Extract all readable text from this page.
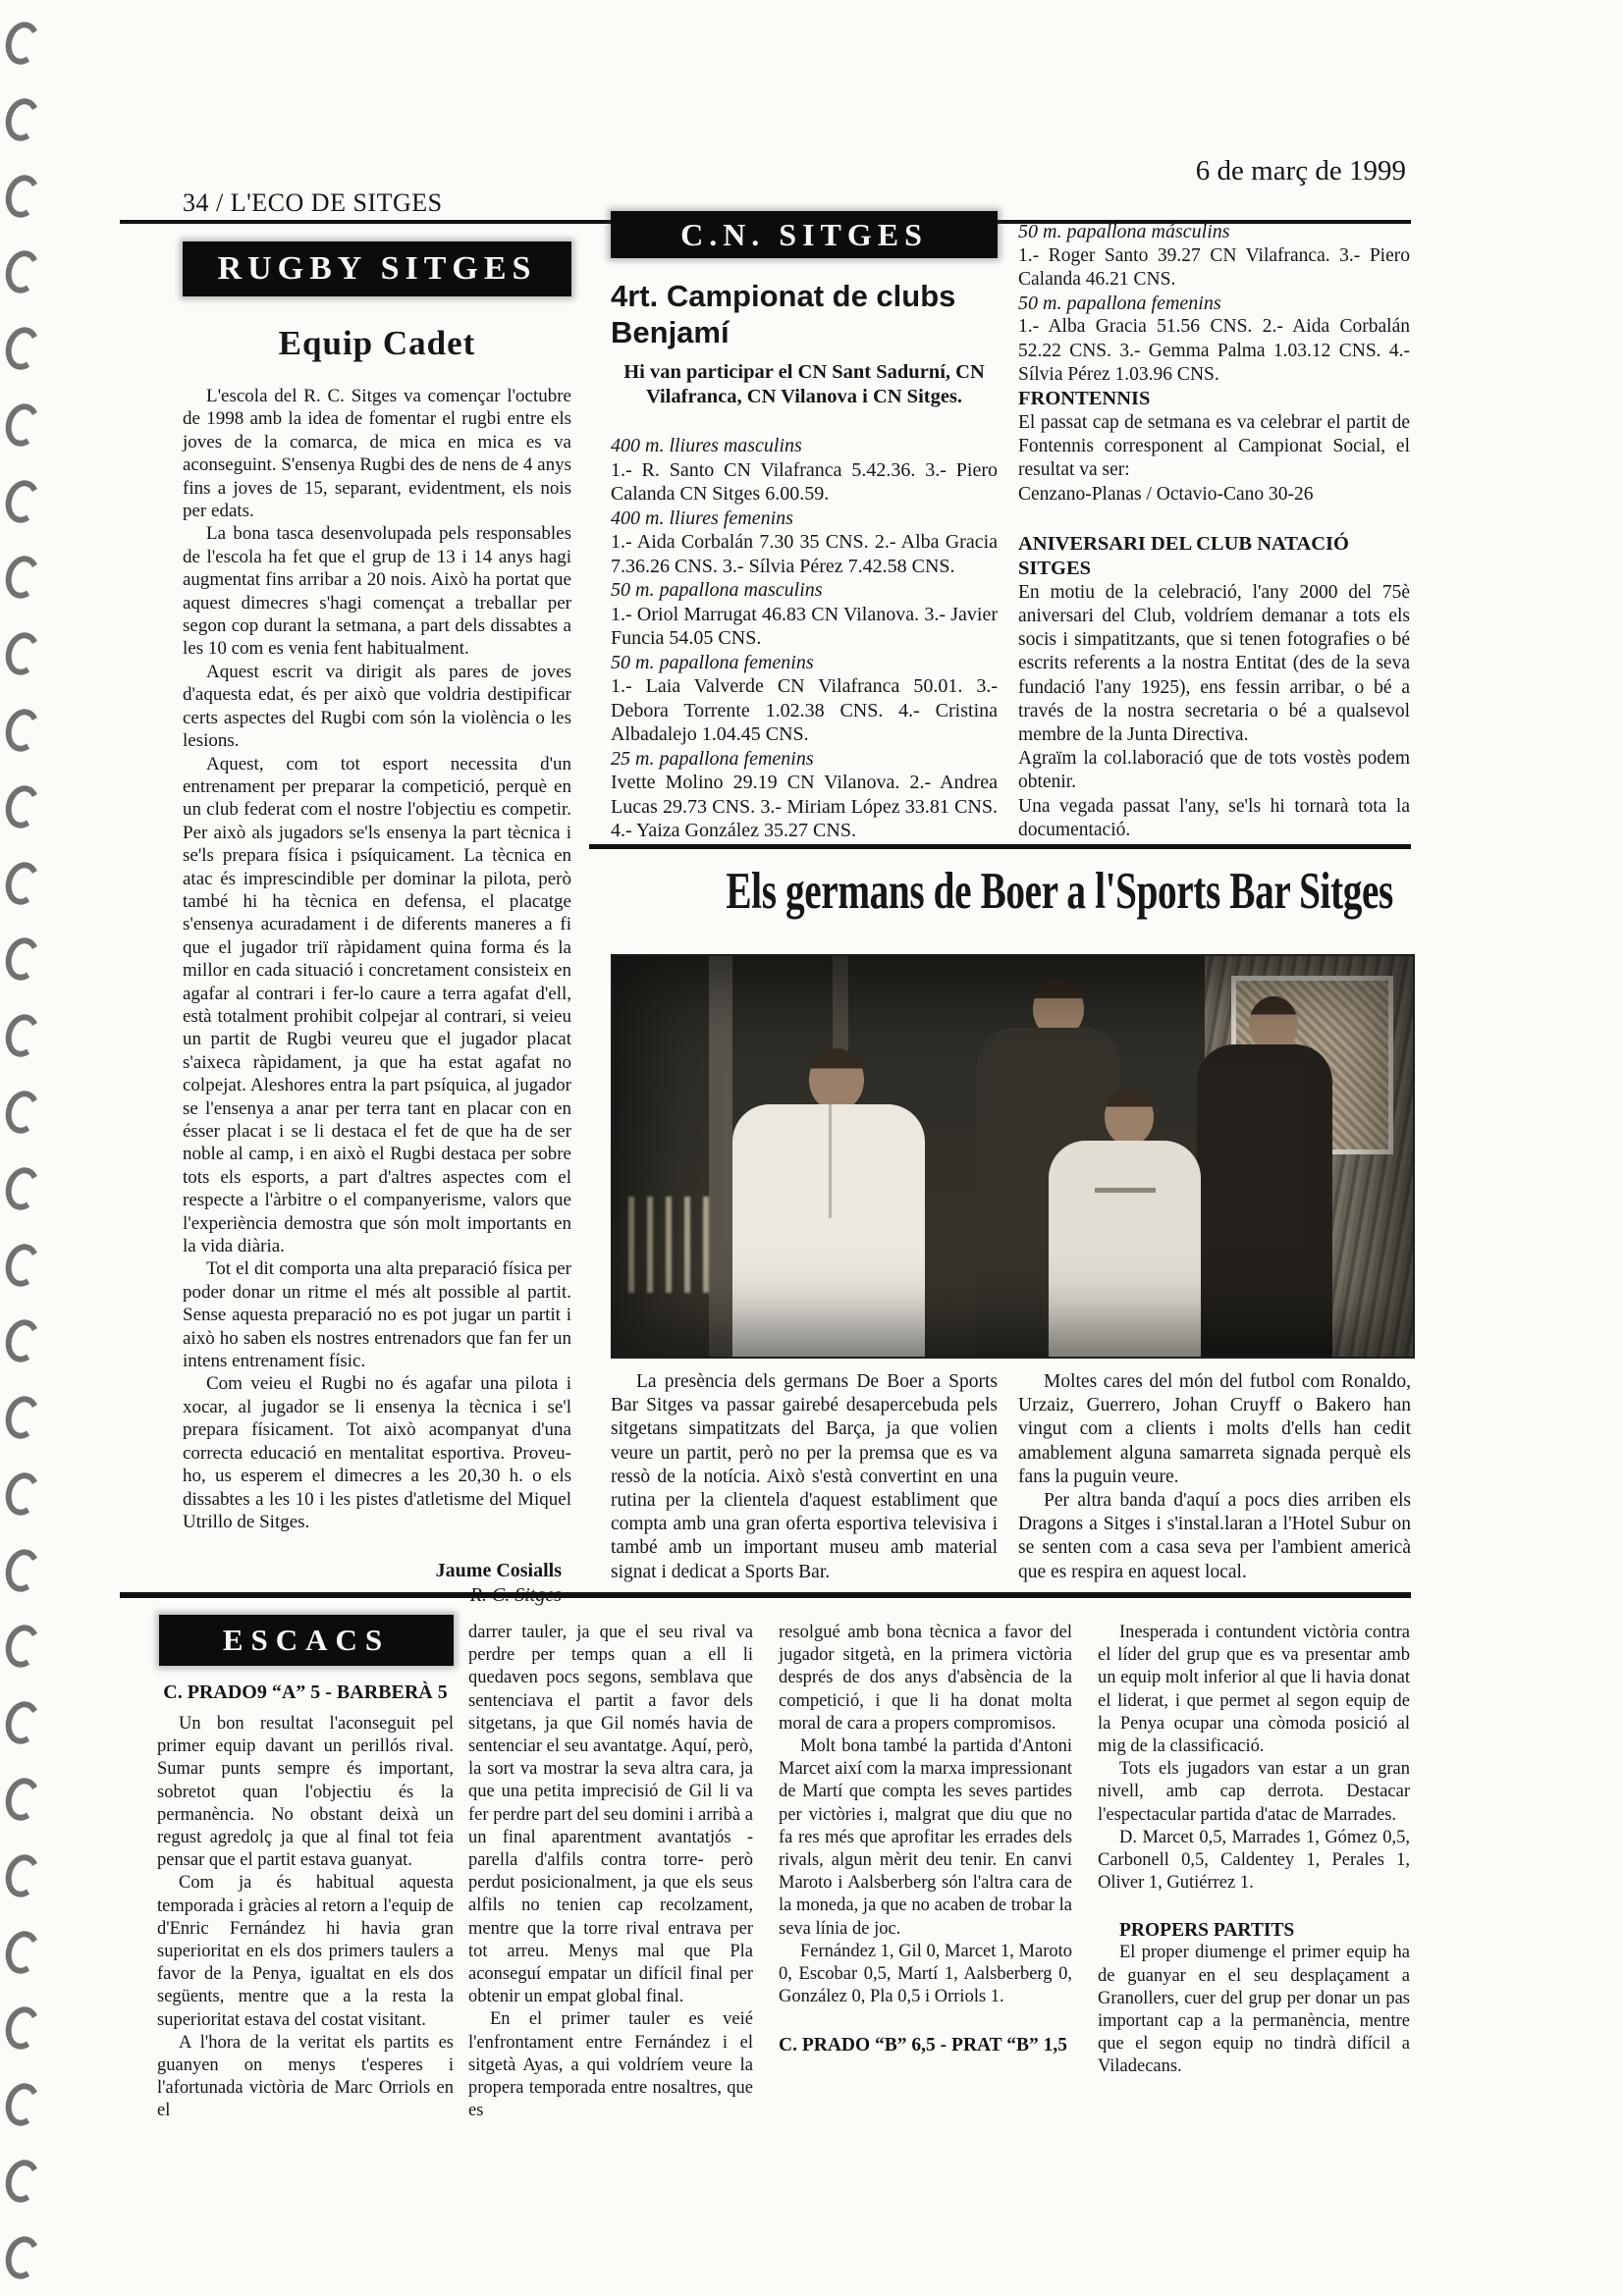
34 / L'ECO DE SITGES
6 de març de 1999
RUGBY SITGES
Equip Cadet

L'escola del R. C. Sitges va començar l'octubre de 1998 amb la idea de fomentar el rugbi entre els joves de la comarca, de mica en mica es va aconseguint. S'ensenya Rugbi des de nens de 4 anys fins a joves de 15, separant, evidentment, els nois per edats.

La bona tasca desenvolupada pels responsables de l'escola ha fet que el grup de 13 i 14 anys hagi augmentat fins arribar a 20 nois. Això ha portat que aquest dimecres s'hagi començat a treballar per segon cop durant la setmana, a part dels dissabtes a les 10 com es venia fent habitualment.

Aquest escrit va dirigit als pares de joves d'aquesta edat, és per això que voldria destipificar certs aspectes del Rugbi com són la violència o les lesions.

Aquest, com tot esport necessita d'un entrenament per preparar la competició, perquè en un club federat com el nostre l'objectiu es competir. Per això als jugadors se'ls ensenya la part tècnica i se'ls prepara física i psíquicament. La tècnica en atac és imprescindible per dominar la pilota, però també hi ha tècnica en defensa, el placatge s'ensenya acuradament i de diferents maneres a fi que el jugador triï ràpidament quina forma és la millor en cada situació i concretament consisteix en agafar al contrari i fer-lo caure a terra agafat d'ell, està totalment prohibit colpejar al contrari, si veieu un partit de Rugbi veureu que el jugador placat s'aixeca ràpidament, ja que ha estat agafat no colpejat. Aleshores entra la part psíquica, al jugador se l'ensenya a anar per terra tant en placar con en ésser placat i se li destaca el fet de que ha de ser noble al camp, i en això el Rugbi destaca per sobre tots els esports, a part d'altres aspectes com el respecte a l'àrbitre o el companyerisme, valors que l'experiència demostra que són molt importants en la vida diària.

Tot el dit comporta una alta preparació física per poder donar un ritme el més alt possible al partit. Sense aquesta preparació no es pot jugar un partit i això ho saben els nostres entrenadors que fan fer un intens entrenament físic.

Com veieu el Rugbi no és agafar una pilota i xocar, al jugador se li ensenya la tècnica i se'l prepara físicament. Tot això acompanyat d'una correcta educació en mentalitat esportiva. Proveu-ho, us esperem el dimecres a les 20,30 h. o els dissabtes a les 10 i les pistes d'atletisme del Miquel Utrillo de Sitges.

Jaume Cosialls
C.N. SITGES
4rt. Campionat de clubs Benjamí
Hi van participar el CN Sant Sadurní, CN Vilafranca, CN Vilanova i CN Sitges.
400 m. lliures masculins

1.- R. Santo CN Vilafranca 5.42.36. 3.- Piero Calanda CN Sitges 6.00.59.

400 m. lliures femenins

1.- Aida Corbalán 7.30 35 CNS. 2.- Alba Gracia 7.36.26 CNS. 3.- Sílvia Pérez 7.42.58 CNS.

50 m. papallona masculins

1.- Oriol Marrugat 46.83 CN Vilanova. 3.- Javier Funcia 54.05 CNS.

50 m. papallona femenins

1.- Laia Valverde CN Vilafranca 50.01. 3.- Debora Torrente 1.02.38 CNS. 4.- Cristina Albadalejo 1.04.45 CNS.

25 m. papallona femenins

Ivette Molino 29.19 CN Vilanova. 2.- Andrea Lucas 29.73 CNS. 3.- Miriam López 33.81 CNS. 4.- Yaiza González 35.27 CNS.

50 m. papallona másculins

1.- Roger Santo 39.27 CN Vilafranca. 3.- Piero Calanda 46.21 CNS.

50 m. papallona femenins

1.- Alba Gracia 51.56 CNS. 2.- Aida Corbalán 52.22 CNS. 3.- Gemma Palma 1.03.12 CNS. 4.- Sílvia Pérez 1.03.96 CNS.

FRONTENNIS

El passat cap de setmana es va celebrar el partit de Fontennis corresponent al Campionat Social, el resultat va ser:

Cenzano-Planas / Octavio-Cano 30-26

ANIVERSARI DEL CLUB NATACIÓ SITGES

En motiu de la celebració, l'any 2000 del 75è aniversari del Club, voldríem demanar a tots els socis i simpatitzants, que si tenen fotografies o bé escrits referents a la nostra Entitat (des de la seva fundació l'any 1925), ens fessin arribar, o bé a través de la nostra secretaria o bé a qualsevol membre de la Junta Directiva.

Agraïm la col.laboració que de tots vostès podem obtenir.

Una vegada passat l'any, se'ls hi tornarà tota la documentació.

Els germans de Boer a l'Sports Bar Sitges

La presència dels germans De Boer a Sports Bar Sitges va passar gairebé desapercebuda pels sitgetans simpatitzats del Barça, ja que volien veure un partit, però no per la premsa que es va ressò de la notícia. Això s'està convertint en una rutina per la clientela d'aquest establiment que compta amb una gran oferta esportiva televisiva i també amb un important museu amb material signat i dedicat a Sports Bar.

Moltes cares del món del futbol com Ronaldo, Urzaiz, Guerrero, Johan Cruyff o Bakero han vingut com a clients i molts d'ells han cedit amablement alguna samarreta signada perquè els fans la puguin veure.

Per altra banda d'aquí a pocs dies arriben els Dragons a Sitges i s'instal.laran a l'Hotel Subur on se senten com a casa seva per l'ambient americà que es respira en aquest local.

ESCACS
C. PRADO9 “A” 5 - BARBERÀ 5

Un bon resultat l'aconseguit pel primer equip davant un perillós rival. Sumar punts sempre és important, sobretot quan l'objectiu és la permanència. No obstant deixà un regust agredolç ja que al final tot feia pensar que el partit estava guanyat.

Com ja és habitual aquesta temporada i gràcies al retorn a l'equip de d'Enric Fernández hi havia gran superioritat en els dos primers taulers a favor de la Penya, igualtat en els dos següents, mentre que a la resta la superioritat estava del costat visitant.

A l'hora de la veritat els partits es guanyen on menys t'esperes i l'afortunada victòria de Marc Orriols en el

darrer tauler, ja que el seu rival va perdre per temps quan a ell li quedaven pocs segons, semblava que sentenciava el partit a favor dels sitgetans, ja que Gil només havia de sentenciar el seu avantatge. Aquí, però, la sort va mostrar la seva altra cara, ja que una petita imprecisió de Gil li va fer perdre part del seu domini i arribà a un final aparentment avantatjós -parella d'alfils contra torre- però perdut posicionalment, ja que els seus alfils no tenien cap recolzament, mentre que la torre rival entrava per tot arreu. Menys mal que Pla aconseguí empatar un difícil final per obtenir un empat global final.

En el primer tauler es veié l'enfrontament entre Fernández i el sitgetà Ayas, a qui voldríem veure la propera temporada entre nosaltres, que es

resolgué amb bona tècnica a favor del jugador sitgetà, en la primera victòria després de dos anys d'absència de la competició, i que li ha donat molta moral de cara a propers compromisos.

Molt bona també la partida d'Antoni Marcet així com la marxa impressionant de Martí que compta les seves partides per victòries i, malgrat que diu que no fa res més que aprofitar les errades dels rivals, algun mèrit deu tenir. En canvi Maroto i Aalsberberg són l'altra cara de la moneda, ja que no acaben de trobar la seva línia de joc.

Fernández 1, Gil 0, Marcet 1, Maroto 0, Escobar 0,5, Martí 1, Aalsberberg 0, González 0, Pla 0,5 i Orriols 1.

C. PRADO “B” 6,5 - PRAT “B” 1,5

Inesperada i contundent victòria contra el líder del grup que es va presentar amb un equip molt inferior al que li havia donat el liderat, i que permet al segon equip de la Penya ocupar una còmoda posició al mig de la classificació.

Tots els jugadors van estar a un gran nivell, amb cap derrota. Destacar l'espectacular partida d'atac de Marrades.

D. Marcet 0,5, Marrades 1, Gómez 0,5, Carbonell 0,5, Caldentey 1, Perales 1, Oliver 1, Gutiérrez 1.

PROPERS PARTITS

El proper diumenge el primer equip ha de guanyar en el seu desplaçament a Granollers, cuer del grup per donar un pas important cap a la permanència, mentre que el segon equip no tindrà difícil a Viladecans.
